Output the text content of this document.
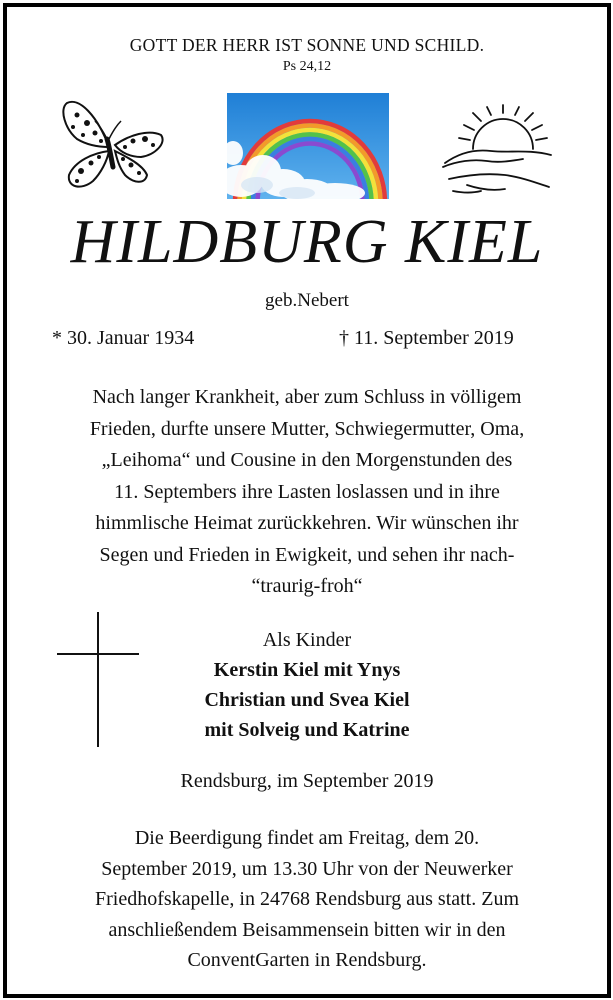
GOTT DER HERR IST SONNE UND SCHILD.
Ps 24,12
HILDBURG KIEL
geb.Nebert
* 30. Januar 1934	† 11. September 2019
Nach langer Krankheit, aber zum Schluss in völligem
Frieden, durfte unsere Mutter, Schwiegermutter, Oma,
„Leihoma“ und Cousine in den Morgenstunden des
11. Septembers ihre Lasten loslassen und in ihre
himmlische Heimat zurückkehren. Wir wünschen ihr
Segen und Frieden in Ewigkeit, und sehen ihr nach-
“traurig-froh“
Als Kinder
Kerstin Kiel mit Ynys
Christian und Svea Kiel
mit Solveig und Katrine
Rendsburg, im September 2019
Die Beerdigung findet am Freitag, dem 20.
September 2019, um 13.30 Uhr von der Neuwerker
Friedhofskapelle, in 24768 Rendsburg aus statt. Zum
anschließendem Beisammensein bitten wir in den
ConventGarten in Rendsburg.
